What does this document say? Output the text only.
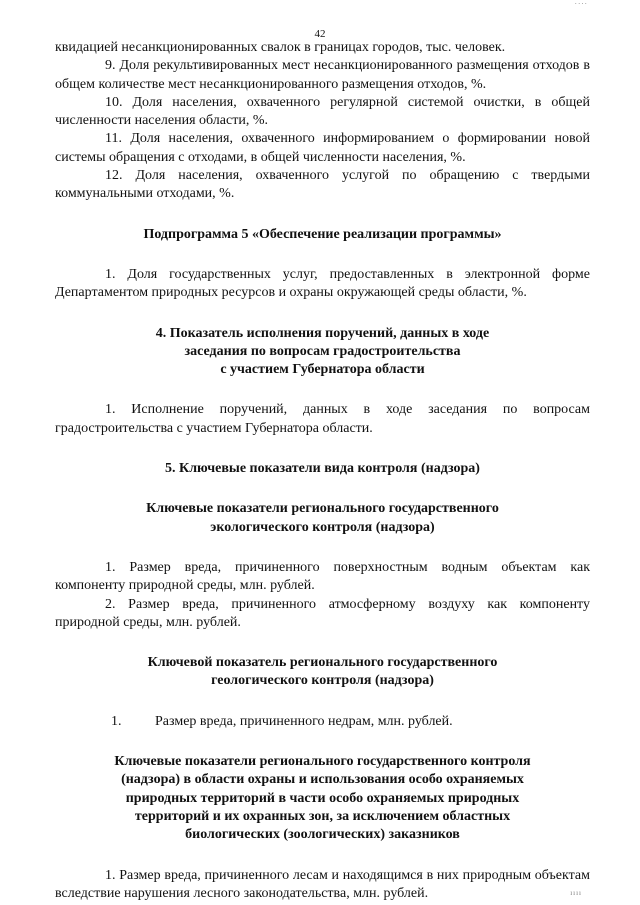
····
42

квидацией несанкционированных свалок в границах городов, тыс. человек.

9. Доля рекультивированных мест несанкционированного размещения отходов в общем количестве мест несанкционированного размещения отходов, %.

10. Доля населения, охваченного регулярной системой очистки, в общей численности населения области, %.

11. Доля населения, охваченного информированием о формировании новой системы обращения с отходами, в общей численности населения, %.

12. Доля населения, охваченного услугой по обращению с твердыми коммунальными отходами, %.

Подпрограмма 5 «Обеспечение реализации программы»

1. Доля государственных услуг, предоставленных в электронной форме Департаментом природных ресурсов и охраны окружающей среды области, %.

4. Показатель исполнения поручений, данных в ходе
заседания по вопросам градостроительства
с участием Губернатора области

1. Исполнение поручений, данных в ходе заседания по вопросам градостроительства с участием Губернатора области.

5. Ключевые показатели вида контроля (надзора)
Ключевые показатели регионального государственного
экологического контроля (надзора)

1. Размер вреда, причиненного поверхностным водным объектам как компоненту природной среды, млн. рублей.

2. Размер вреда, причиненного атмосферному воздуху как компоненту природной среды, млн. рублей.

Ключевой показатель регионального государственного
геологического контроля (надзора)
1.	Размер вреда, причиненного недрам, млн. рублей.
Ключевые показатели регионального государственного контроля
(надзора) в области охраны и использования особо охраняемых
природных территорий в части особо охраняемых природных
территорий и их охранных зон, за исключением областных
биологических (зоологических) заказников

1. Размер вреда, причиненного лесам и находящимся в них природным объектам вследствие нарушения лесного законодательства, млн. рублей.	ıııı
